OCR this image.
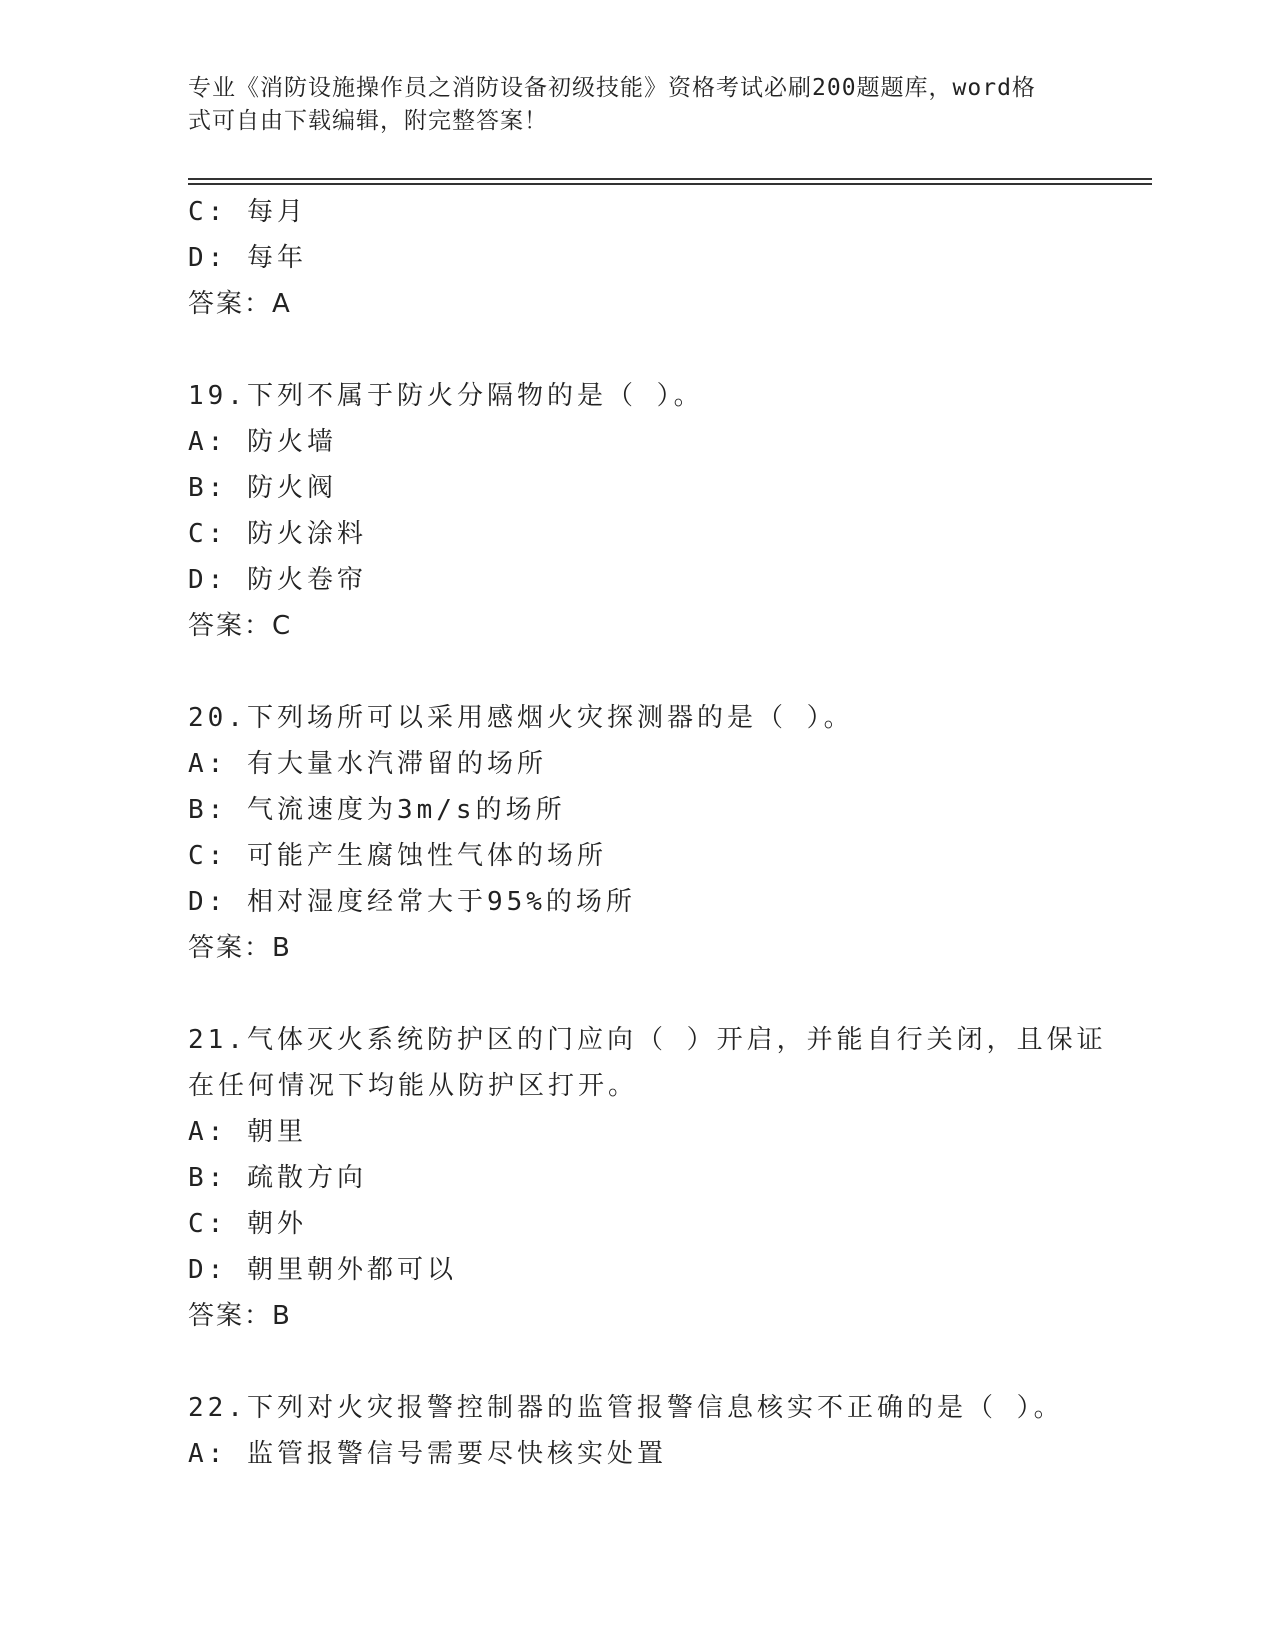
专业《消防设施操作员之消防设备初级技能》资格考试必刷200题题库，word格
式可自由下载编辑，附完整答案！
C: 每月
D: 每年
答案：A
19.下列不属于防火分隔物的是（ ）。
A: 防火墙
B: 防火阀
C: 防火涂料
D: 防火卷帘
答案：C
20.下列场所可以采用感烟火灾探测器的是（ ）。
A: 有大量水汽滞留的场所
B: 气流速度为3m/s的场所
C: 可能产生腐蚀性气体的场所
D: 相对湿度经常大于95%的场所
答案：B
21.气体灭火系统防护区的门应向（ ）开启，并能自行关闭，且保证
在任何情况下均能从防护区打开。
A: 朝里
B: 疏散方向
C: 朝外
D: 朝里朝外都可以
答案：B
22.下列对火灾报警控制器的监管报警信息核实不正确的是（ ）。
A: 监管报警信号需要尽快核实处置
